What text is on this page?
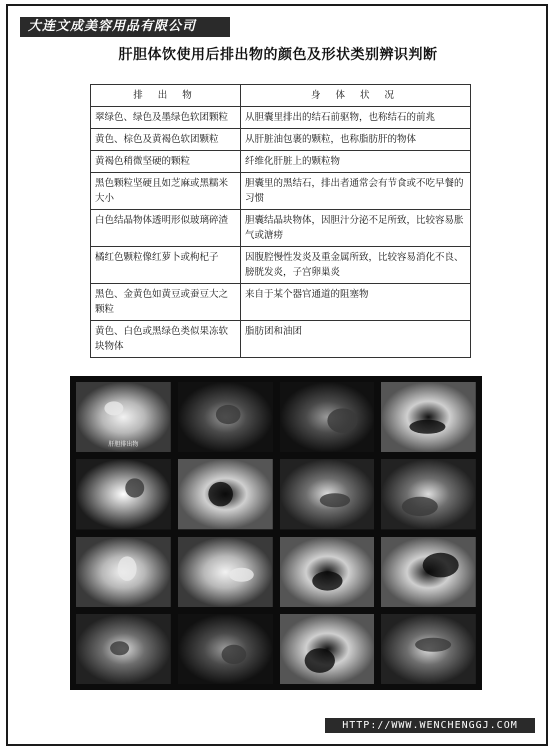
大连文成美容用品有限公司
肝胆体饮使用后排出物的颜色及形状类别辨识判断
排 出 物	身 体 状 况
翠绿色、绿色及墨绿色软团颗粒	从胆囊里排出的结石前驱物，也称结石的前兆
黄色、棕色及黄褐色软团颗粒	从肝脏油包裹的颗粒，也称脂肪肝的物体
黄褐色稍微坚硬的颗粒	纤维化肝脏上的颗粒物
黑色颗粒坚硬且如芝麻或黑糯米大小	胆囊里的黑结石，排出者通常会有节食或不吃早餐的习惯
白色结晶物体透明形似玻璃碎渣	胆囊结晶块物体，因胆汁分泌不足所致，比较容易胀气或溏痨
橘红色颗粒像红萝卜或枸杞子	因腹腔慢性发炎及重金属所致，比较容易消化不良、膀胱发炎，子宫卵巢炎
黑色、金黄色如黄豆或蚕豆大之颗粒	来自于某个器官通道的阻塞物
黄色、白色或黑绿色类似果冻软块物体	脂肪团和油团
肝胆排出物
HTTP://WWW.WENCHENGGJ.COM
